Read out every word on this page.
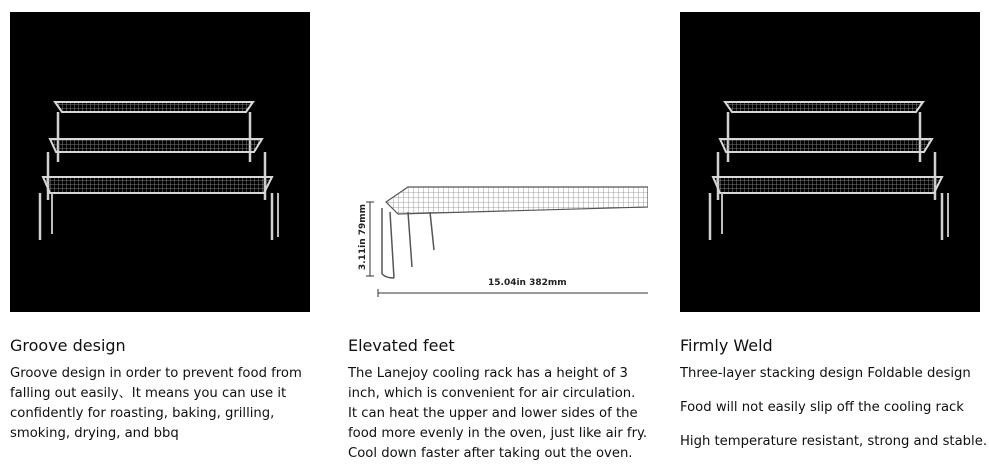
Groove design
Groove design in order to prevent food from falling out easily、It means you can use it confidently for roasting, baking, grilling, smoking, drying, and bbq
3.11in 79mm
15.04in 382mm
Elevated feet
The Lanejoy cooling rack has a height of 3 inch, which is convenient for air circulation. It can heat the upper and lower sides of the food more evenly in the oven, just like air fry. Cool down faster after taking out the oven.
Firmly Weld

Three-layer stacking design Foldable design

Food will not easily slip off the cooling rack

High temperature resistant, strong and stable.
